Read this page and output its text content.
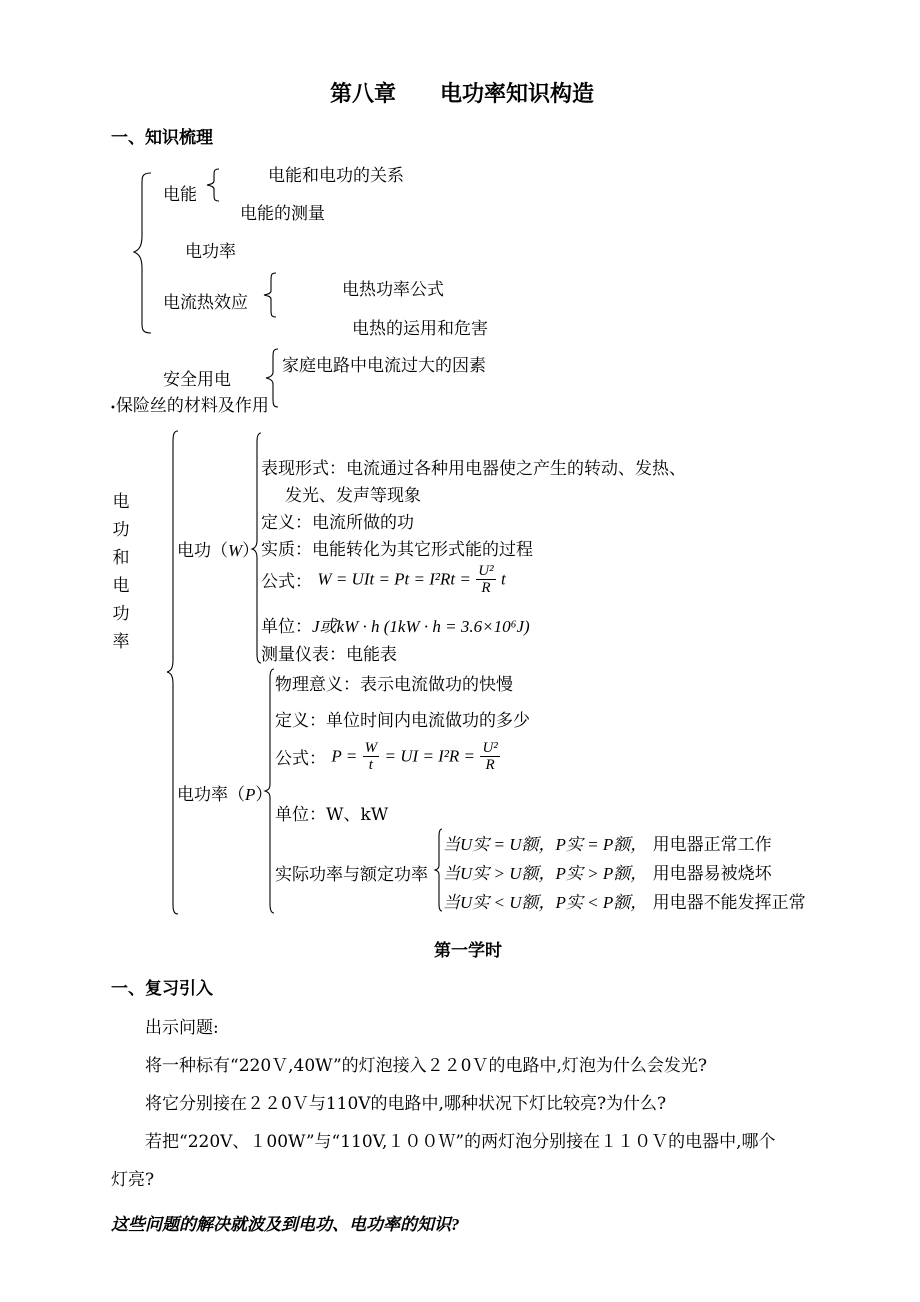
第八章　　电功率知识构造
一、知识梳理
电能
电能和电功的关系
电能的测量
电功率
电流热效应
电热功率公式
电热的运用和危害
安全用电
家庭电路中电流过大的因素
•保险丝的材料及作用
电
功
和
电
功
率
电功（W）
表现形式：电流通过各种用电器使之产生的转动、发热、
发光、发声等现象
定义：电流所做的功
实质：电能转化为其它形式能的过程
公式： W = UIt = $Pt = I^2Rt = \frac{\text{U²}}{R}$ t
单位：J或kW · h (1kW · h = 3.6×10⁶J)
测量仪表：电能表
电功率（P）
物理意义：表示电流做功的快慢
定义：单位时间内电流做功的多少
公式： $P = \frac{W}{t}$ = UI = $I^2R = \frac{\text{U²}}{R}$
单位：W、kW
实际功率与额定功率
当U实 = U额，P实 = P额， 用电器正常工作
当U实 > U额，P实 > P额， 用电器易被烧坏
当U实 < U额，P实 < P额， 用电器不能发挥正常
第一学时
一、复习引入
出示问题:
将一种标有“220Ｖ,40W”的灯泡接入２２0Ｖ的电路中,灯泡为什么会发光?
将它分别接在２２0Ｖ与110V的电路中,哪种状况下灯比较亮?为什么?
若把“220V、１00W”与“110V,１００Ｗ”的两灯泡分别接在１１０Ｖ的电器中,哪个
灯亮?
这些问题的解决就波及到电功、电功率的知识?
